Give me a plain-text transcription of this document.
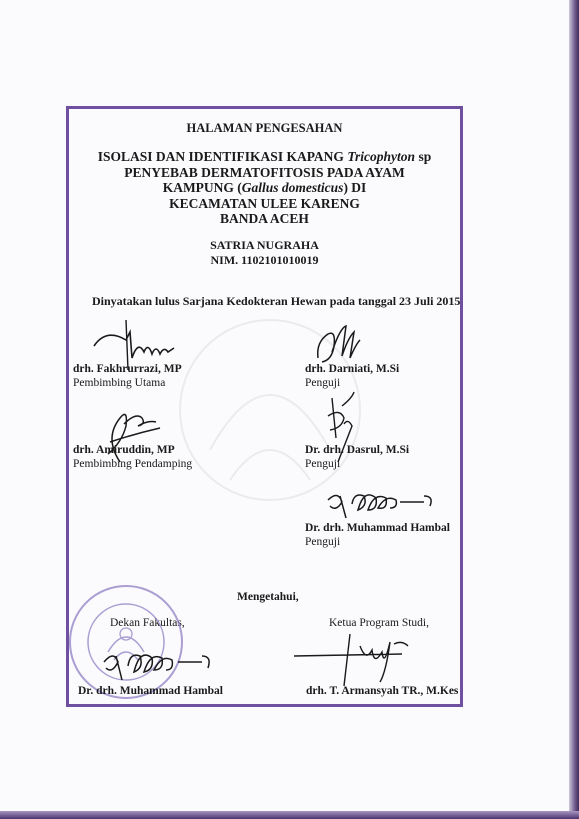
HALAMAN PENGESAHAN
ISOLASI DAN IDENTIFIKASI KAPANG Tricophyton sp
PENYEBAB DERMATOFITOSIS PADA AYAM
KAMPUNG (Gallus domesticus) DI
KECAMATAN ULEE KARENG
BANDA ACEH
SATRIA NUGRAHA
NIM. 1102101010019
Dinyatakan lulus Sarjana Kedokteran Hewan pada tanggal 23 Juli 2015
drh. Fakhrurrazi, MP
Pembimbing Utama
drh. Darniati, M.Si
Penguji
drh. Amiruddin, MP
Pembimbing Pendamping
Dr. drh. Dasrul, M.Si
Penguji
Dr. drh. Muhammad Hambal
Penguji
Mengetahui,
Dekan Fakultas,	Ketua Program Studi,
Dr. drh. Muhammad Hambal	drh. T. Armansyah TR., M.Kes
